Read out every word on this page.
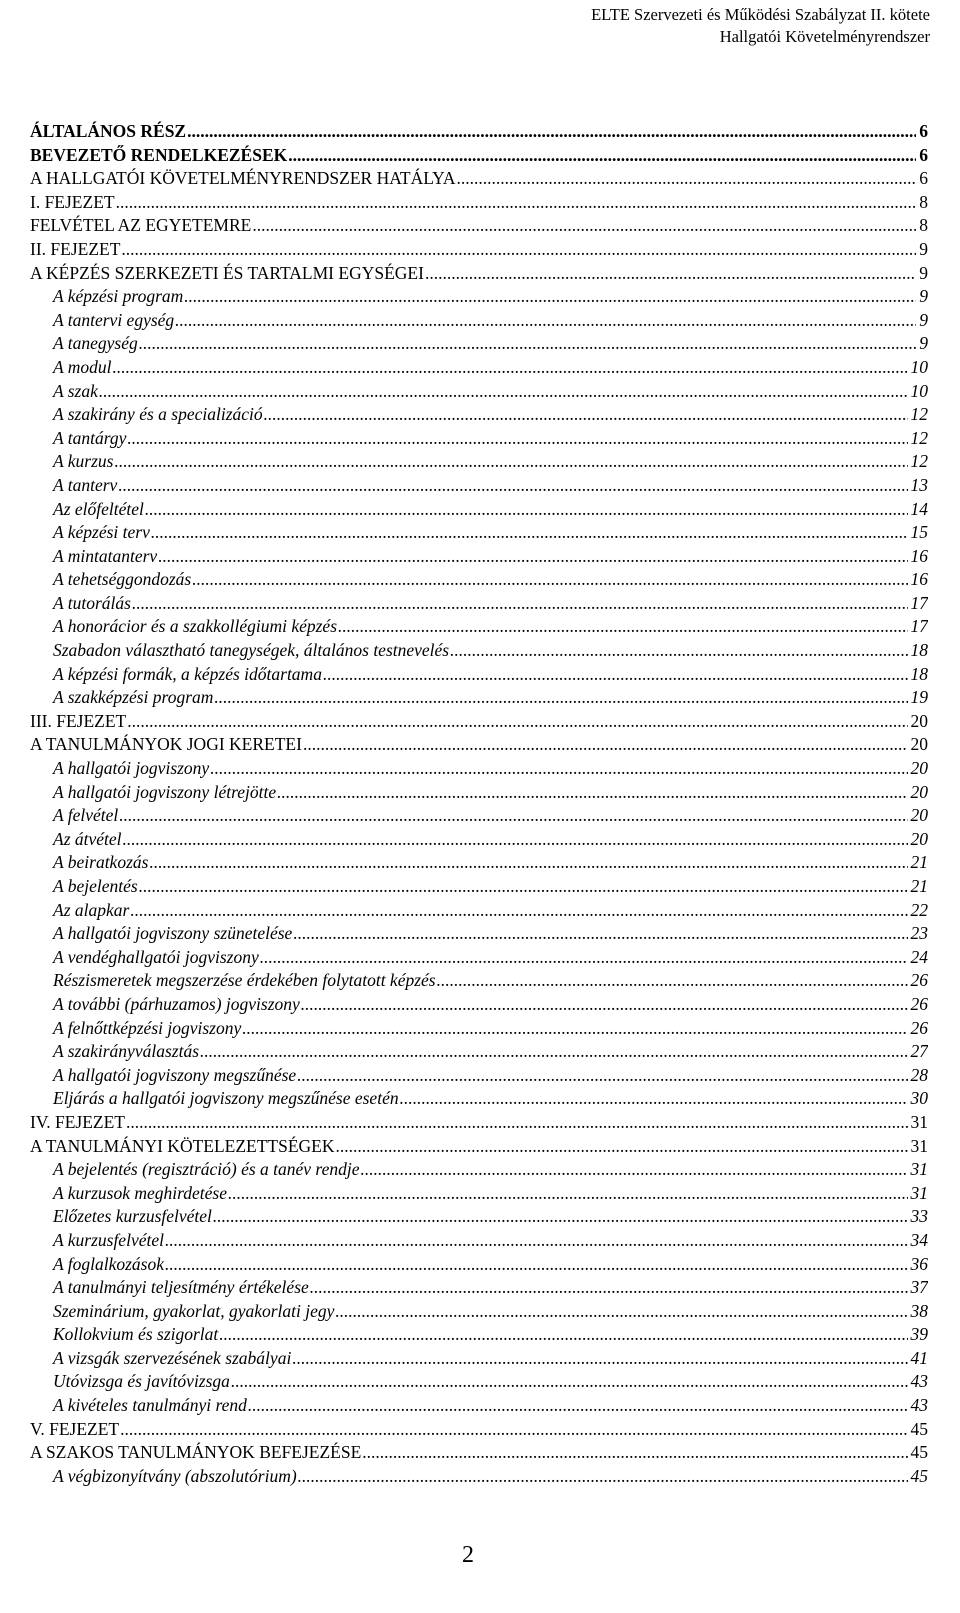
ELTE Szervezeti és Működési Szabályzat II. kötete
Hallgatói Követelményrendszer
ÁLTALÁNOS RÉSZ .....	6
BEVEZETŐ RENDELKEZÉSEK .....	6
A HALLGATÓI KÖVETELMÉNYRENDSZER HATÁLYA .....	6
I. FEJEZET .....	8
FELVÉTEL AZ EGYETEMRE .....	8
II. FEJEZET .....	9
A KÉPZÉS SZERKEZETI ÉS TARTALMI EGYSÉGEI .....	9
A képzési program .....	9
A tantervi egység .....	9
A tanegység .....	9
A modul .....	10
A szak .....	10
A szakirány és a specializáció .....	12
A tantárgy .....	12
A kurzus .....	12
A tanterv .....	13
Az előfeltétel .....	14
A képzési terv .....	15
A mintatanterv .....	16
A tehetséggondozás .....	16
A tutorálás .....	17
A honorácior és a szakkollégiumi képzés .....	17
Szabadon választható tanegységek, általános testnevelés .....	18
A képzési formák, a képzés időtartama .....	18
A szakképzési program .....	19
III. FEJEZET .....	20
A TANULMÁNYOK JOGI KERETEI .....	20
A hallgatói jogviszony .....	20
A hallgatói jogviszony létrejötte .....	20
A felvétel .....	20
Az átvétel .....	20
A beiratkozás .....	21
A bejelentés .....	21
Az alapkar .....	22
A hallgatói jogviszony szünetelése .....	23
A vendéghallgatói jogviszony .....	24
Részismeretek megszerzése érdekében folytatott képzés .....	26
A további (párhuzamos) jogviszony .....	26
A felnőttképzési jogviszony .....	26
A szakirányválasztás .....	27
A hallgatói jogviszony megszűnése .....	28
Eljárás a hallgatói jogviszony megszűnése esetén .....	30
IV. FEJEZET .....	31
A TANULMÁNYI KÖTELEZETTSÉGEK .....	31
A bejelentés (regisztráció) és a tanév rendje .....	31
A kurzusok meghirdetése .....	31
Előzetes kurzusfelvétel .....	33
A kurzusfelvétel .....	34
A foglalkozások .....	36
A tanulmányi teljesítmény értékelése .....	37
Szeminárium, gyakorlat, gyakorlati jegy .....	38
Kollokvium és szigorlat .....	39
A vizsgák szervezésének szabályai .....	41
Utóvizsga és javítóvizsga .....	43
A kivételes tanulmányi rend .....	43
V. FEJEZET .....	45
A SZAKOS TANULMÁNYOK BEFEJEZÉSE .....	45
A végbizonyítvány (abszolutórium) .....	45
2
